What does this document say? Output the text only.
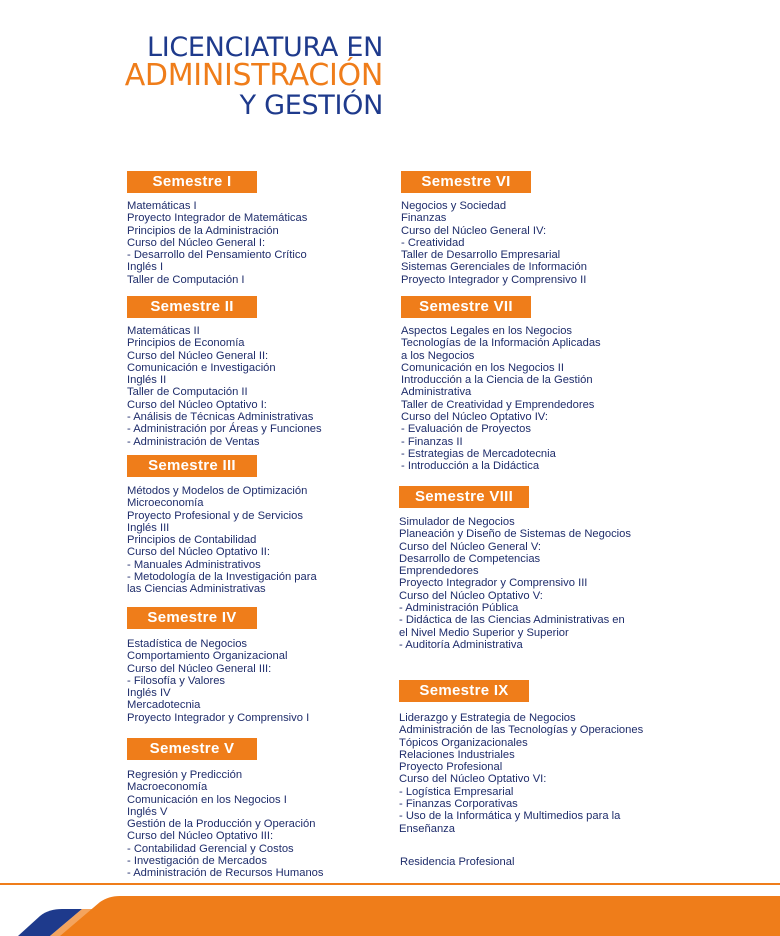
LICENCIATURA EN
ADMINISTRACIÓN
Y GESTIÓN
Semestre I
Matemáticas I
Proyecto Integrador de Matemáticas
Principios de la Administración
Curso del Núcleo General I:
- Desarrollo del Pensamiento Crítico
Inglés I
Taller de Computación I
Semestre II
Matemáticas II
Principios de Economía
Curso del Núcleo General II:
Comunicación e Investigación
Inglés II
Taller de Computación II
Curso del Núcleo Optativo I:
- Análisis de Técnicas Administrativas
- Administración por Áreas y Funciones
- Administración de Ventas
Semestre III
Métodos y Modelos de Optimización
Microeconomía
Proyecto Profesional y de Servicios
Inglés III
Principios de Contabilidad
Curso del Núcleo Optativo II:
- Manuales Administrativos
- Metodología de la Investigación para
las Ciencias Administrativas
Semestre IV
Estadística de Negocios
Comportamiento Organizacional
Curso del Núcleo General III:
- Filosofía y Valores
Inglés IV
Mercadotecnia
Proyecto Integrador y Comprensivo I
Semestre V
Regresión y Predicción
Macroeconomía
Comunicación en los Negocios I
Inglés V
Gestión de la Producción y Operación
Curso del Núcleo Optativo III:
- Contabilidad Gerencial y Costos
- Investigación de Mercados
- Administración de Recursos Humanos
Semestre VI
Negocios y Sociedad
Finanzas
Curso del Núcleo General IV:
- Creatividad
Taller de Desarrollo Empresarial
Sistemas Gerenciales de Información
Proyecto Integrador y Comprensivo II
Semestre VII
Aspectos Legales en los Negocios
Tecnologías de la Información Aplicadas
a los Negocios
Comunicación en los Negocios II
Introducción a la Ciencia de la Gestión
Administrativa
Taller de Creatividad y Emprendedores
Curso del Núcleo Optativo IV:
- Evaluación de Proyectos
- Finanzas II
- Estrategias de Mercadotecnia
- Introducción a la Didáctica
Semestre VIII
Simulador de Negocios
Planeación y Diseño de Sistemas de Negocios
Curso del Núcleo General V:
Desarrollo de Competencias
Emprendedores
Proyecto Integrador y Comprensivo III
Curso del Núcleo Optativo V:
- Administración Pública
- Didáctica de las Ciencias Administrativas en
el Nivel Medio Superior y Superior
- Auditoría Administrativa
Semestre IX
Liderazgo y Estrategia de Negocios
Administración de las Tecnologías y Operaciones
Tópicos Organizacionales
Relaciones Industriales
Proyecto Profesional
Curso del Núcleo Optativo VI:
- Logística Empresarial
- Finanzas Corporativas
- Uso de la Informática y Multimedios para la
Enseñanza
Residencia Profesional
